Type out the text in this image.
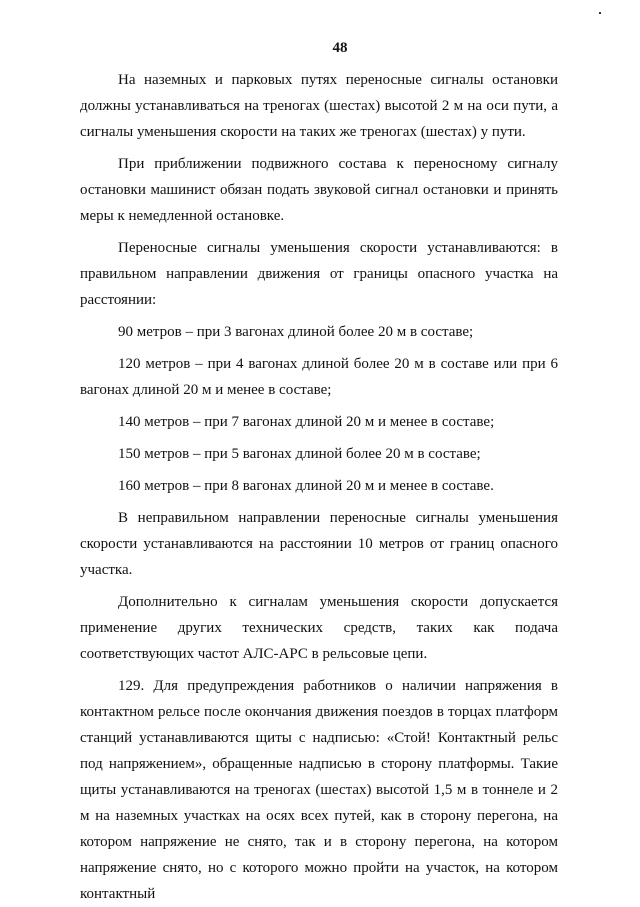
48

На наземных и парковых путях переносные сигналы остановки должны устанавливаться на треногах (шестах) высотой 2 м на оси пути, а сигналы уменьшения скорости на таких же треногах (шестах) у пути.

При приближении подвижного состава к переносному сигналу остановки машинист обязан подать звуковой сигнал остановки и принять меры к немедленной остановке.

Переносные сигналы уменьшения скорости устанавливаются: в правильном направлении движения от границы опасного участка на расстоянии:

90 метров – при 3 вагонах длиной более 20 м в составе;

120 метров – при 4 вагонах длиной более 20 м в составе или при 6 вагонах длиной 20 м и менее в составе;

140 метров – при 7 вагонах длиной 20 м и менее в составе;

150 метров – при 5 вагонах длиной более 20 м в составе;

160 метров – при 8 вагонах длиной 20 м и менее в составе.

В неправильном направлении переносные сигналы уменьшения скорости устанавливаются на расстоянии 10 метров от границ опасного участка.

Дополнительно к сигналам уменьшения скорости допускается применение других технических средств, таких как подача соответствующих частот АЛС-АРС в рельсовые цепи.

129. Для предупреждения работников о наличии напряжения в контактном рельсе после окончания движения поездов в торцах платформ станций устанавливаются щиты с надписью: «Стой! Контактный рельс под напряжением», обращенные надписью в сторону платформы. Такие щиты устанавливаются на треногах (шестах) высотой 1,5 м в тоннеле и 2 м на наземных участках на осях всех путей, как в сторону перегона, на котором напряжение не снято, так и в сторону перегона, на котором напряжение снято, но с которого можно пройти на участок, на котором контактный
